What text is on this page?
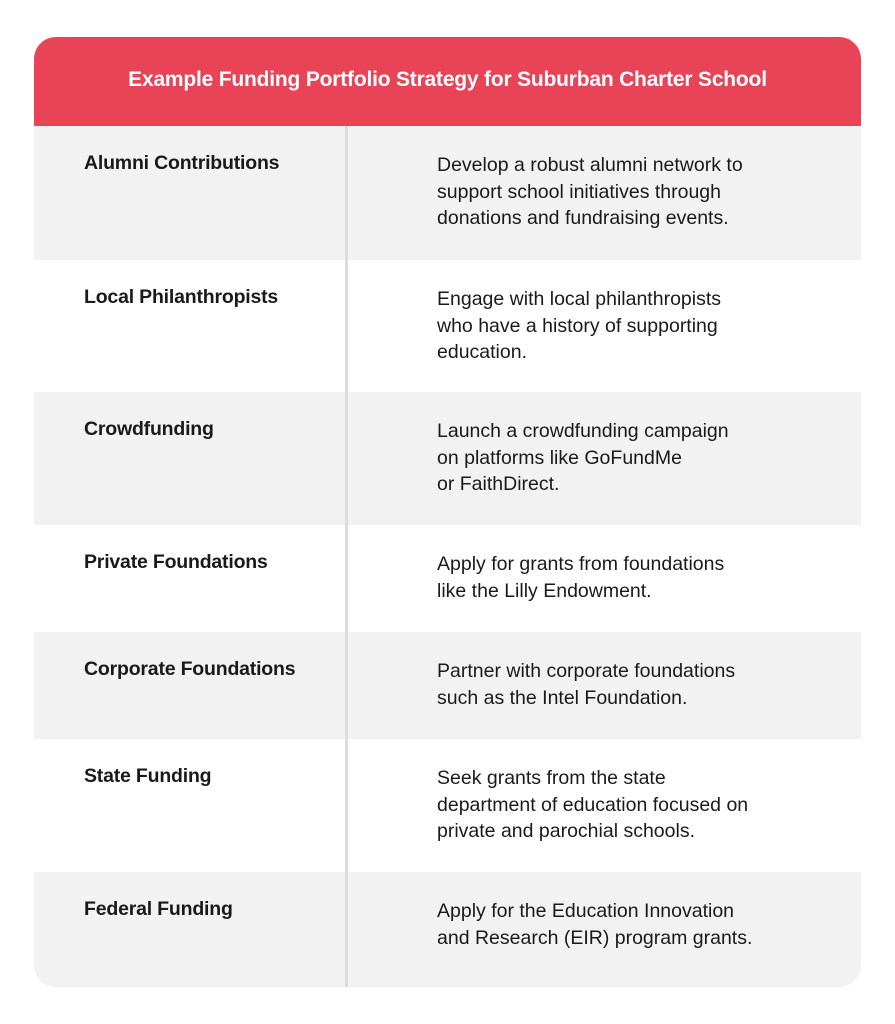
Example Funding Portfolio Strategy for Suburban Charter School
Alumni Contributions	Develop a robust alumni network to
support school initiatives through
donations and fundraising events.
Local Philanthropists	Engage with local philanthropists
who have a history of supporting
education.
Crowdfunding	Launch a crowdfunding campaign
on platforms like GoFundMe
or FaithDirect.
Private Foundations	Apply for grants from foundations
like the Lilly Endowment.
Corporate Foundations	Partner with corporate foundations
such as the Intel Foundation.
State Funding	Seek grants from the state
department of education focused on
private and parochial schools.
Federal Funding	Apply for the Education Innovation
and Research (EIR) program grants.
